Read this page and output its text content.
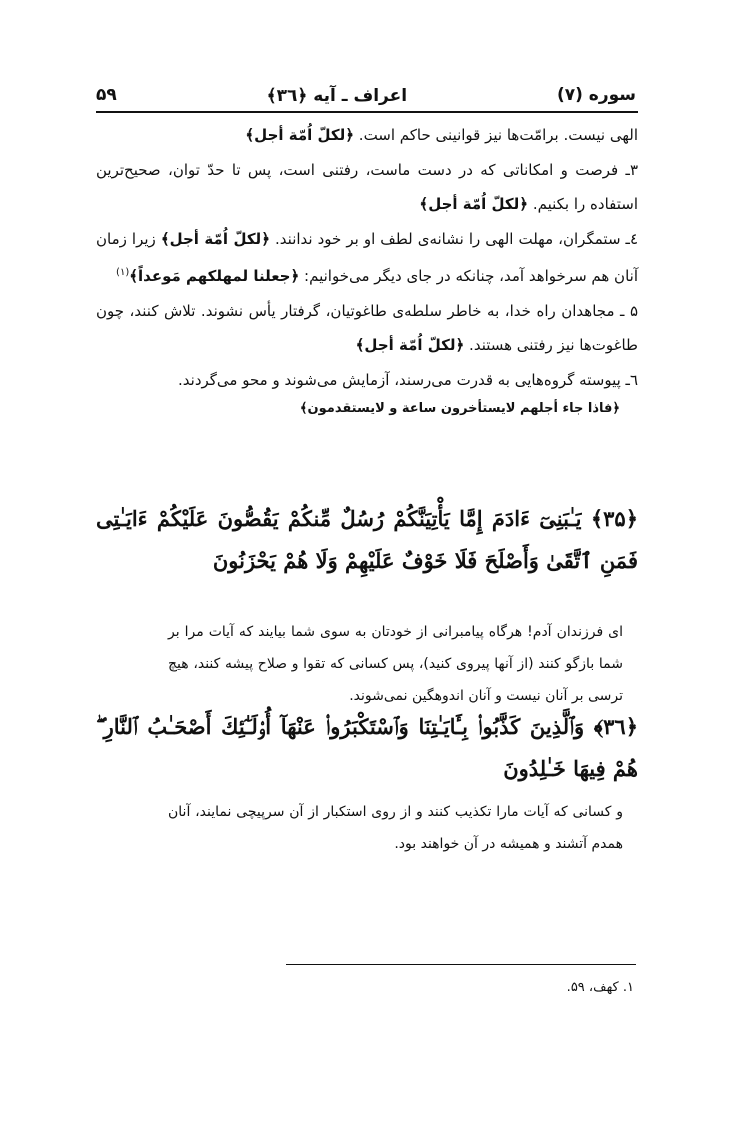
سوره (۷)
اعراف ـ آیه ﴿۳٦﴾
۵۹

الهی نیست. برامّت‌ها نیز قوانینی حاکم است. ﴿لکلّ اُمّة أجل﴾

۳ـ فرصت و امکاناتی که در دست ماست، رفتنی است، پس تا حدّ توان، صحیح‌ترین استفاده را بکنیم. ﴿لکلّ اُمّة أجل﴾

٤ـ ستمگران، مهلت الهی را نشانه‌ی لطف او بر خود ندانند. ﴿لکلّ اُمّة أجل﴾ زیرا زمان آنان هم سرخواهد آمد، چنانکه در جای دیگر می‌خوانیم: ﴿جعلنا لمهلکهم مَوعداً﴾$^{(۱)}$

۵ ـ مجاهدان راه خدا، به خاطر سلطه‌ی طاغوتیان، گرفتار یأس نشوند. تلاش کنند، چون طاغوت‌ها نیز رفتنی هستند. ﴿لکلّ اُمّة أجل﴾

٦ـ پیوسته گروه‌هایی به قدرت می‌رسند، آزمایش می‌شوند و محو می‌گردند.

﴿فاذا جاء أجلهم لایستأخرون ساعة و لایستقدمون﴾

﴿۳۵﴾ يَـٰبَنِىٓ ءَادَمَ إِمَّا يَأْتِيَنَّكُمْ رُسُلٌ مِّنكُمْ يَقُصُّونَ عَلَيْكُمْ ءَايَـٰتِى فَمَنِ ٱتَّقَىٰ وَأَصْلَحَ فَلَا خَوْفٌ عَلَيْهِمْ وَلَا هُمْ يَحْزَنُونَ

ای فرزندان آدم! هرگاه پیامبرانی از خودتان به سوی شما بیایند که آیات مرا بر شما بازگو کنند (از آنها پیروی کنید)، پس کسانی که تقوا و صلاح پیشه کنند، هیچ ترسی بر آنان نیست و آنان اندوهگین نمی‌شوند.

﴿۳٦﴾ وَٱلَّذِينَ كَذَّبُوا۟ بِـَٔايَـٰتِنَا وَٱسْتَكْبَرُوا۟ عَنْهَآ أُو۟لَـٰٓئِكَ أَصْحَـٰبُ ٱلنَّارِ ۖ هُمْ فِيهَا خَـٰلِدُونَ

و کسانی که آیات مارا تکذیب کنند و از روی استکبار از آن سرپیچی نمایند، آنان همدم آتشند و همیشه در آن خواهند بود.

۱. کهف، ۵۹.
